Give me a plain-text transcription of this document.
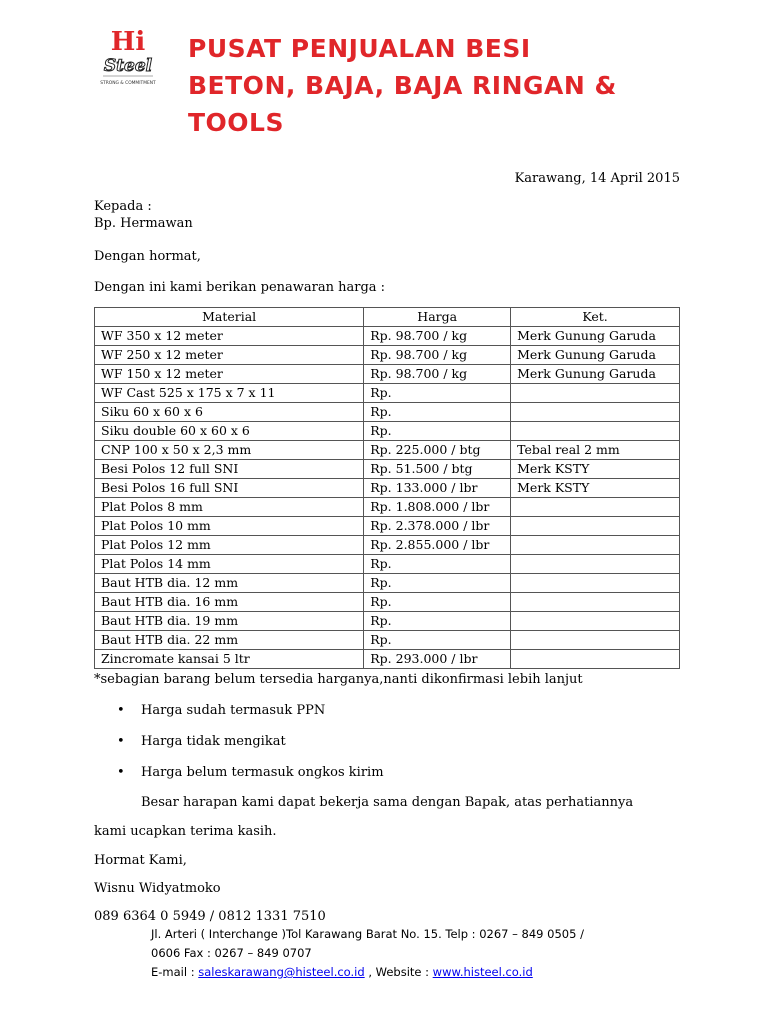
Hi
Steel
STRONG & COMMITMENT
PUSAT PENJUALAN BESI
BETON, BAJA, BAJA RINGAN &
TOOLS
Karawang, 14 April 2015
Kepada :
Bp. Hermawan
Dengan hormat,
Dengan ini kami berikan penawaran harga :
Material	Harga	Ket.
WF 350 x 12 meter	Rp. 98.700 / kg	Merk Gunung Garuda
WF 250 x 12 meter	Rp. 98.700 / kg	Merk Gunung Garuda
WF 150 x 12 meter	Rp. 98.700 / kg	Merk Gunung Garuda
WF Cast 525 x 175 x 7 x 11	Rp.	
Siku 60 x 60 x 6	Rp.	
Siku double 60 x 60 x 6	Rp.	
CNP 100 x 50 x 2,3 mm	Rp. 225.000 / btg	Tebal real 2 mm
Besi Polos 12 full SNI	Rp. 51.500 / btg	Merk KSTY
Besi Polos 16 full SNI	Rp. 133.000 / lbr	Merk KSTY
Plat Polos 8 mm	Rp. 1.808.000 / lbr	
Plat Polos 10 mm	Rp. 2.378.000 / lbr	
Plat Polos 12 mm	Rp. 2.855.000 / lbr	
Plat Polos 14 mm	Rp.	
Baut HTB dia. 12 mm	Rp.	
Baut HTB dia. 16 mm	Rp.	
Baut HTB dia. 19 mm	Rp.	
Baut HTB dia. 22 mm	Rp.	
Zincromate kansai 5 ltr	Rp. 293.000 / lbr	
*sebagian barang belum tersedia harganya,nanti dikonfirmasi lebih lanjut
• Harga sudah termasuk PPN
• Harga tidak mengikat
• Harga belum termasuk ongkos kirim
Besar harapan kami dapat bekerja sama dengan Bapak, atas perhatiannya
kami ucapkan terima kasih.
Hormat Kami,
Wisnu Widyatmoko
089 6364 0 5949 / 0812 1331 7510
Jl. Arteri ( Interchange )Tol Karawang Barat No. 15. Telp : 0267 – 849 0505 /
0606 Fax : 0267 – 849 0707
E-mail : saleskarawang@histeel.co.id , Website : www.histeel.co.id
